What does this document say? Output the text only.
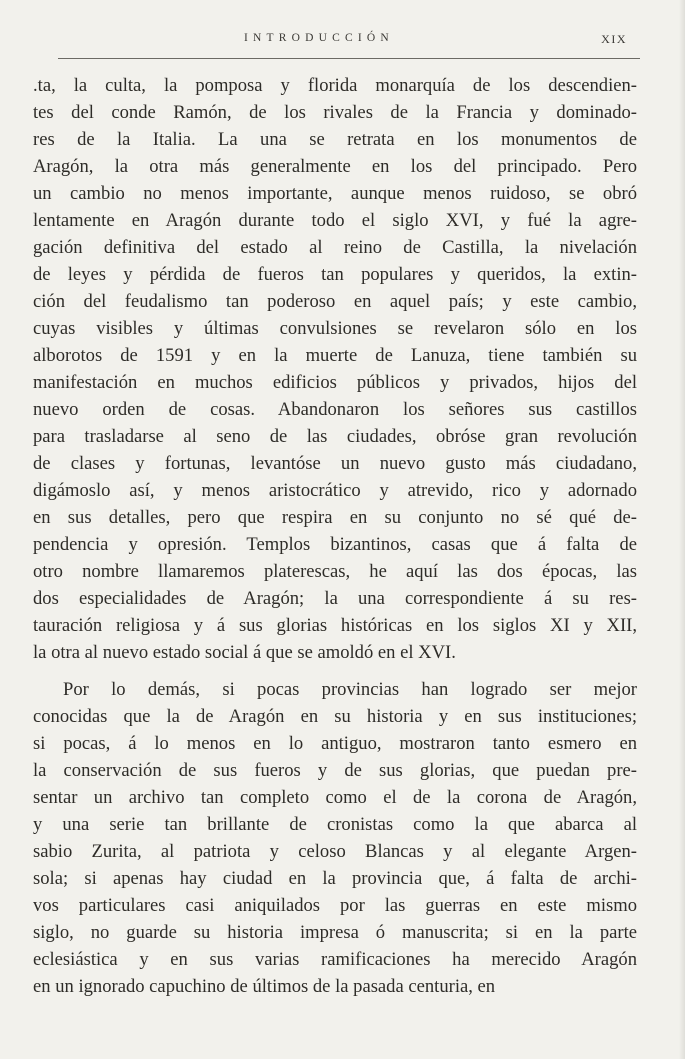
INTRODUCCIÓN	XIX
.ta, la culta, la pomposa y florida monarquía de los descendien-
tes del conde Ramón, de los rivales de la Francia y dominado-
res de la Italia. La una se retrata en los monumentos de
Aragón, la otra más generalmente en los del principado. Pero
un cambio no menos importante, aunque menos ruidoso, se obró
lentamente en Aragón durante todo el siglo XVI, y fué la agre-
gación definitiva del estado al reino de Castilla, la nivelación
de leyes y pérdida de fueros tan populares y queridos, la extin-
ción del feudalismo tan poderoso en aquel país; y este cambio,
cuyas visibles y últimas convulsiones se revelaron sólo en los
alborotos de 1591 y en la muerte de Lanuza, tiene también su
manifestación en muchos edificios públicos y privados, hijos del
nuevo orden de cosas. Abandonaron los señores sus castillos
para trasladarse al seno de las ciudades, obróse gran revolución
de clases y fortunas, levantóse un nuevo gusto más ciudadano,
digámoslo así, y menos aristocrático y atrevido, rico y adornado
en sus detalles, pero que respira en su conjunto no sé qué de-
pendencia y opresión. Templos bizantinos, casas que á falta de
otro nombre llamaremos platerescas, he aquí las dos épocas, las
dos especialidades de Aragón; la una correspondiente á su res-
tauración religiosa y á sus glorias históricas en los siglos XI y XII,
la otra al nuevo estado social á que se amoldó en el XVI.
Por lo demás, si pocas provincias han logrado ser mejor
conocidas que la de Aragón en su historia y en sus instituciones;
si pocas, á lo menos en lo antiguo, mostraron tanto esmero en
la conservación de sus fueros y de sus glorias, que puedan pre-
sentar un archivo tan completo como el de la corona de Aragón,
y una serie tan brillante de cronistas como la que abarca al
sabio Zurita, al patriota y celoso Blancas y al elegante Argen-
sola; si apenas hay ciudad en la provincia que, á falta de archi-
vos particulares casi aniquilados por las guerras en este mismo
siglo, no guarde su historia impresa ó manuscrita; si en la parte
eclesiástica y en sus varias ramificaciones ha merecido Aragón
en un ignorado capuchino de últimos de la pasada centuria, en
